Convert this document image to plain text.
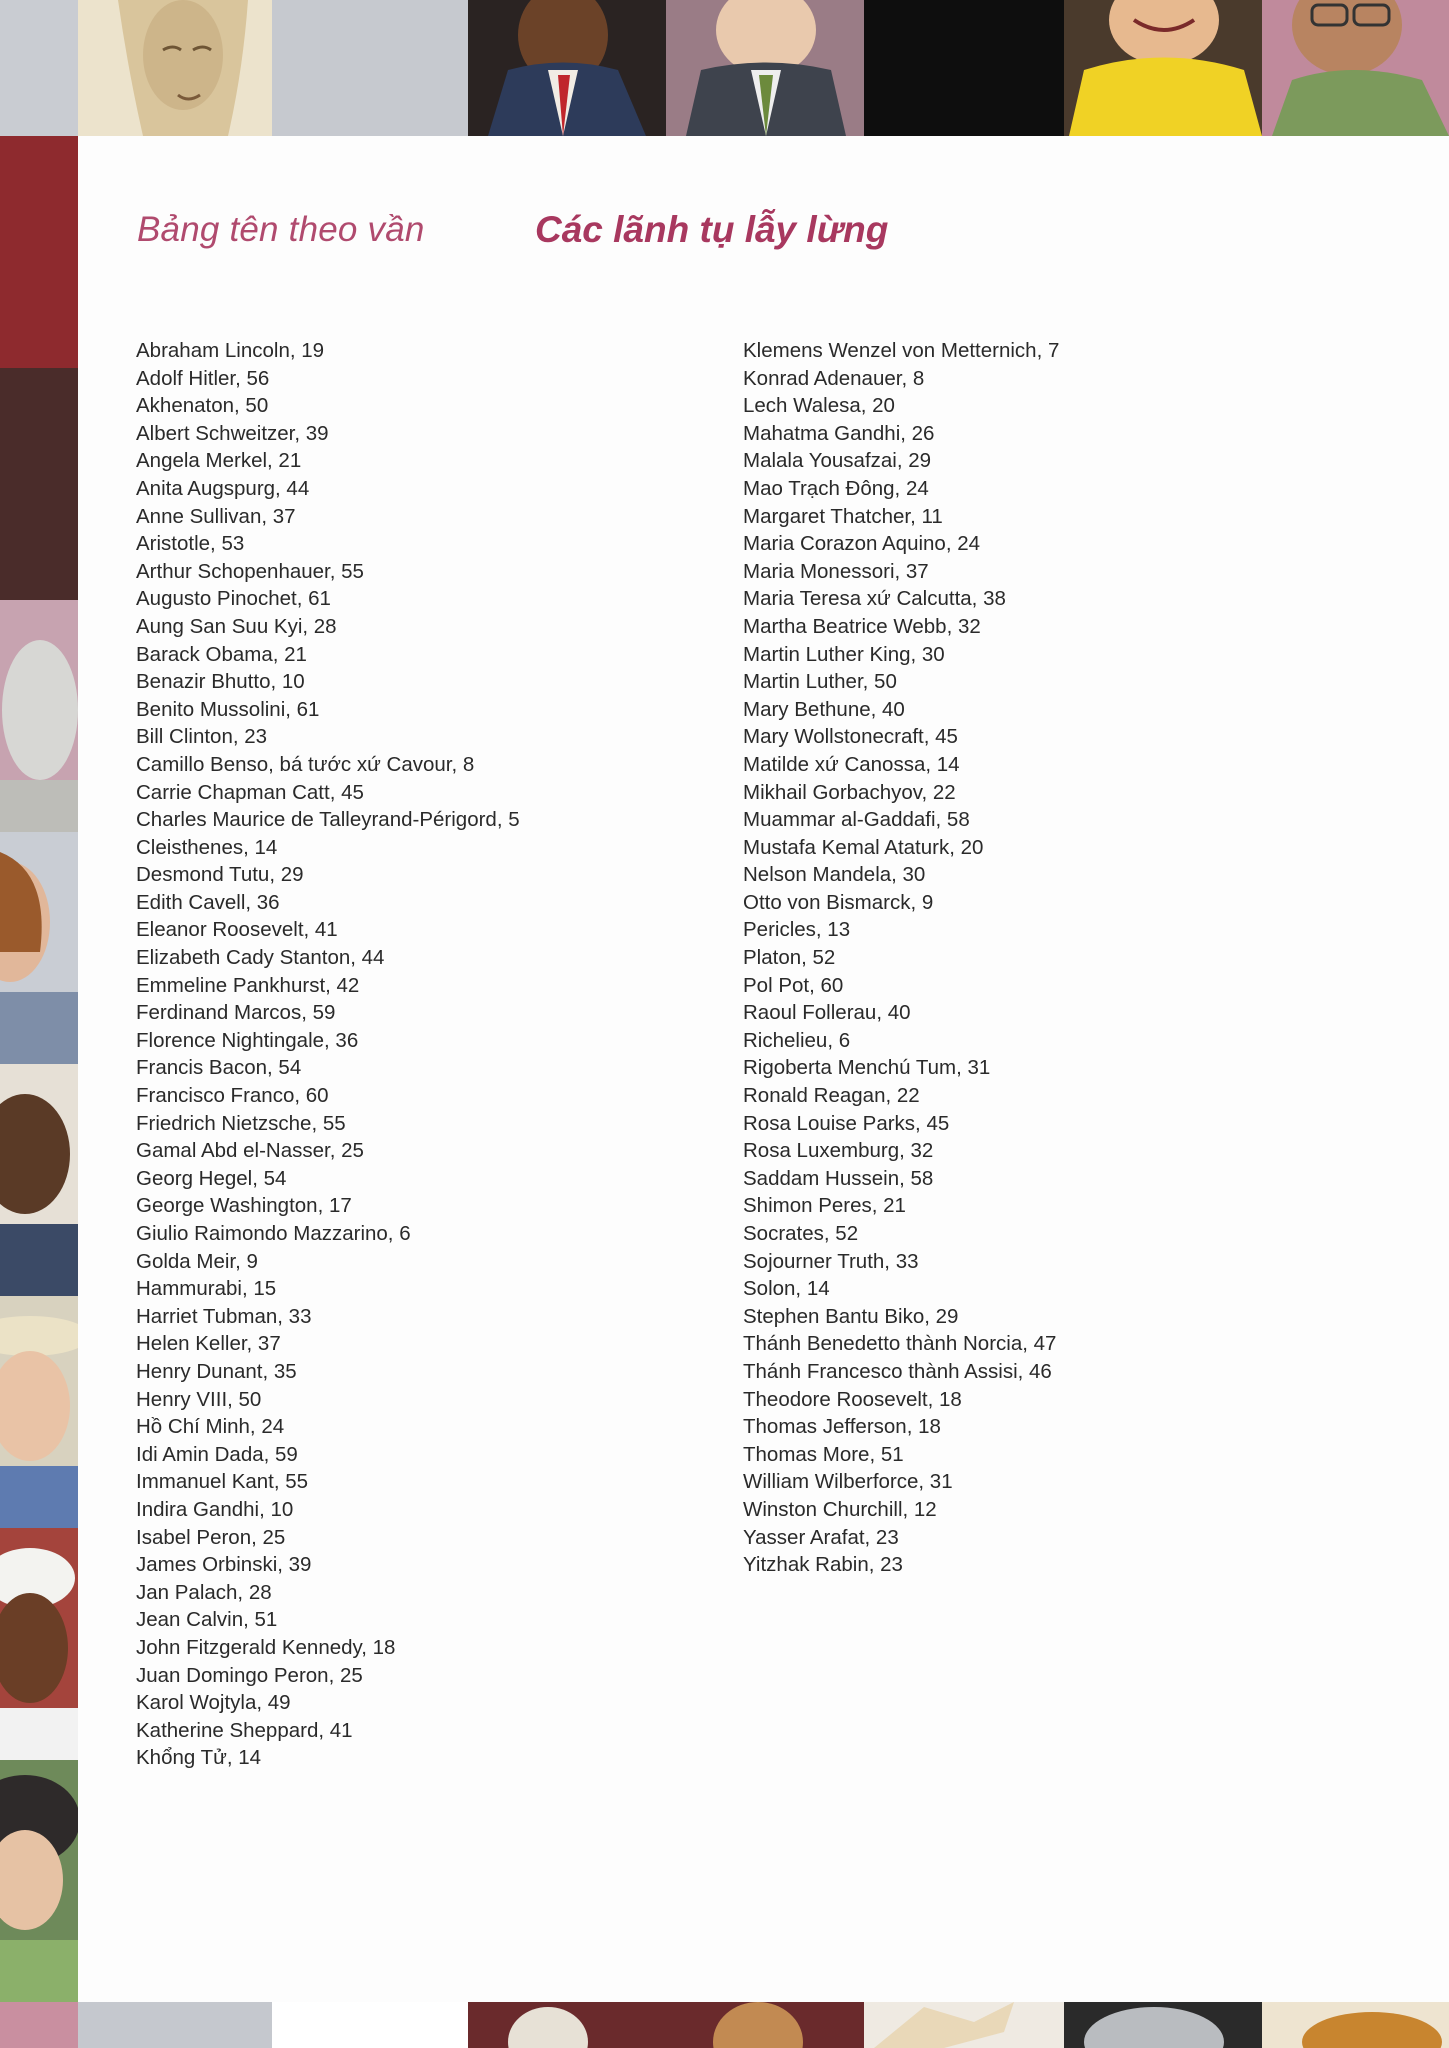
Bảng tên theo vần	Các lãnh tụ lẫy lừng
Abraham Lincoln, 19
Adolf Hitler, 56
Akhenaton, 50
Albert Schweitzer, 39
Angela Merkel, 21
Anita Augspurg, 44
Anne Sullivan, 37
Aristotle, 53
Arthur Schopenhauer, 55
Augusto Pinochet, 61
Aung San Suu Kyi, 28
Barack Obama, 21
Benazir Bhutto, 10
Benito Mussolini, 61
Bill Clinton, 23
Camillo Benso, bá tước xứ Cavour, 8
Carrie Chapman Catt, 45
Charles Maurice de Talleyrand-Périgord, 5
Cleisthenes, 14
Desmond Tutu, 29
Edith Cavell, 36
Eleanor Roosevelt, 41
Elizabeth Cady Stanton, 44
Emmeline Pankhurst, 42
Ferdinand Marcos, 59
Florence Nightingale, 36
Francis Bacon, 54
Francisco Franco, 60
Friedrich Nietzsche, 55
Gamal Abd el-Nasser, 25
Georg Hegel, 54
George Washington, 17
Giulio Raimondo Mazzarino, 6
Golda Meir, 9
Hammurabi, 15
Harriet Tubman, 33
Helen Keller, 37
Henry Dunant, 35
Henry VIII, 50
Hồ Chí Minh, 24
Idi Amin Dada, 59
Immanuel Kant, 55
Indira Gandhi, 10
Isabel Peron, 25
James Orbinski, 39
Jan Palach, 28
Jean Calvin, 51
John Fitzgerald Kennedy, 18
Juan Domingo Peron, 25
Karol Wojtyla, 49
Katherine Sheppard, 41
Khổng Tử, 14
Klemens Wenzel von Metternich, 7
Konrad Adenauer, 8
Lech Walesa, 20
Mahatma Gandhi, 26
Malala Yousafzai, 29
Mao Trạch Đông, 24
Margaret Thatcher, 11
Maria Corazon Aquino, 24
Maria Monessori, 37
Maria Teresa xứ Calcutta, 38
Martha Beatrice Webb, 32
Martin Luther King, 30
Martin Luther, 50
Mary Bethune, 40
Mary Wollstonecraft, 45
Matilde xứ Canossa, 14
Mikhail Gorbachyov, 22
Muammar al-Gaddafi, 58
Mustafa Kemal Ataturk, 20
Nelson Mandela, 30
Otto von Bismarck, 9
Pericles, 13
Platon, 52
Pol Pot, 60
Raoul Follerau, 40
Richelieu, 6
Rigoberta Menchú Tum, 31
Ronald Reagan, 22
Rosa Louise Parks, 45
Rosa Luxemburg, 32
Saddam Hussein, 58
Shimon Peres, 21
Socrates, 52
Sojourner Truth, 33
Solon, 14
Stephen Bantu Biko, 29
Thánh Benedetto thành Norcia, 47
Thánh Francesco thành Assisi, 46
Theodore Roosevelt, 18
Thomas Jefferson, 18
Thomas More, 51
William Wilberforce, 31
Winston Churchill, 12
Yasser Arafat, 23
Yitzhak Rabin, 23
